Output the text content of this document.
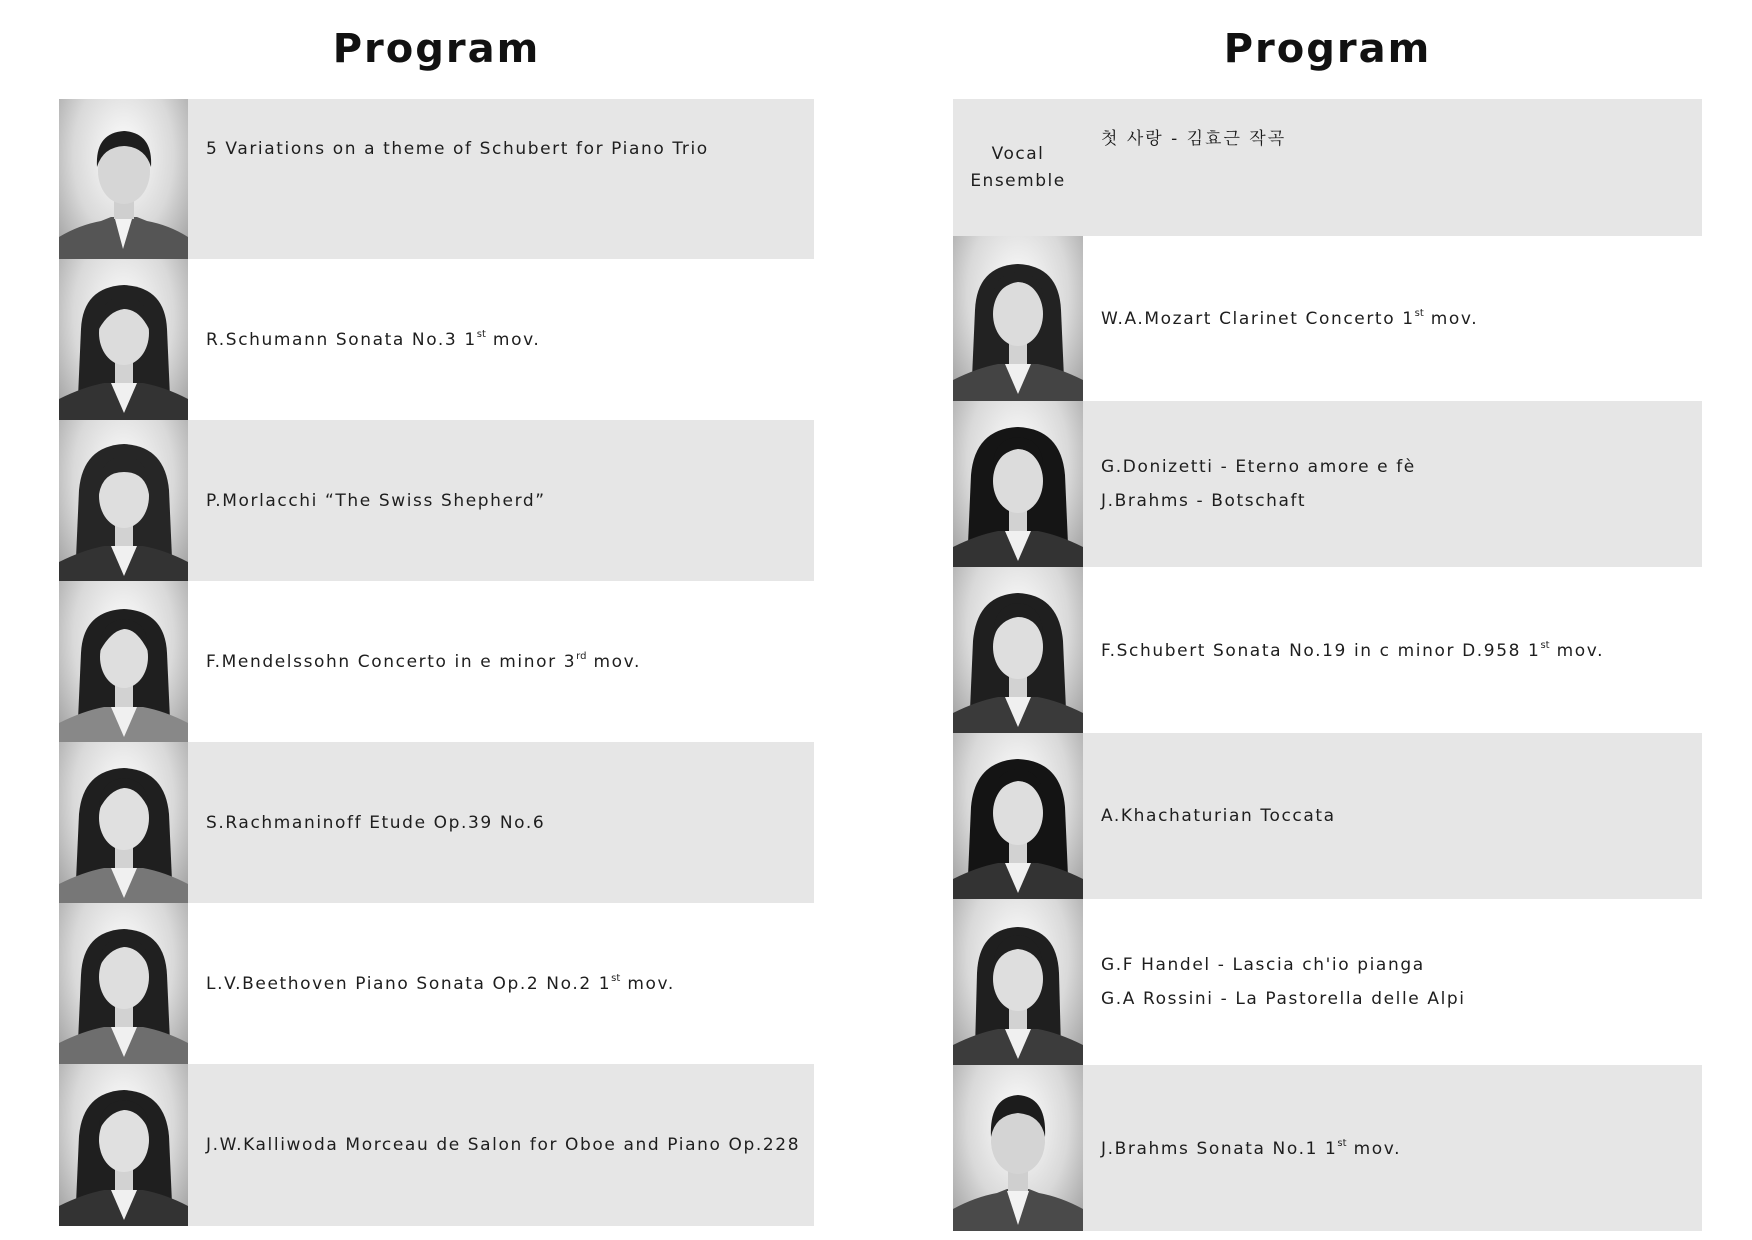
Program
5 Variations on a theme of Schubert for Piano Trio
R.Schumann Sonata No.3 1st mov.
P.Morlacchi “The Swiss Shepherd”
F.Mendelssohn Concerto in e minor 3rd mov.
S.Rachmaninoff Etude Op.39 No.6
L.V.Beethoven Piano Sonata Op.2 No.2 1st mov.
J.W.Kalliwoda Morceau de Salon for Oboe and Piano Op.228
Program
Vocal
Ensemble
첫 사랑 - 김효근 작곡
W.A.Mozart Clarinet Concerto 1st mov.
G.Donizetti - Eterno amore e fè
J.Brahms - Botschaft
F.Schubert Sonata No.19 in c minor D.958 1st mov.
A.Khachaturian Toccata
G.F Handel - Lascia ch'io pianga
G.A Rossini - La Pastorella delle Alpi
J.Brahms Sonata No.1 1st mov.
